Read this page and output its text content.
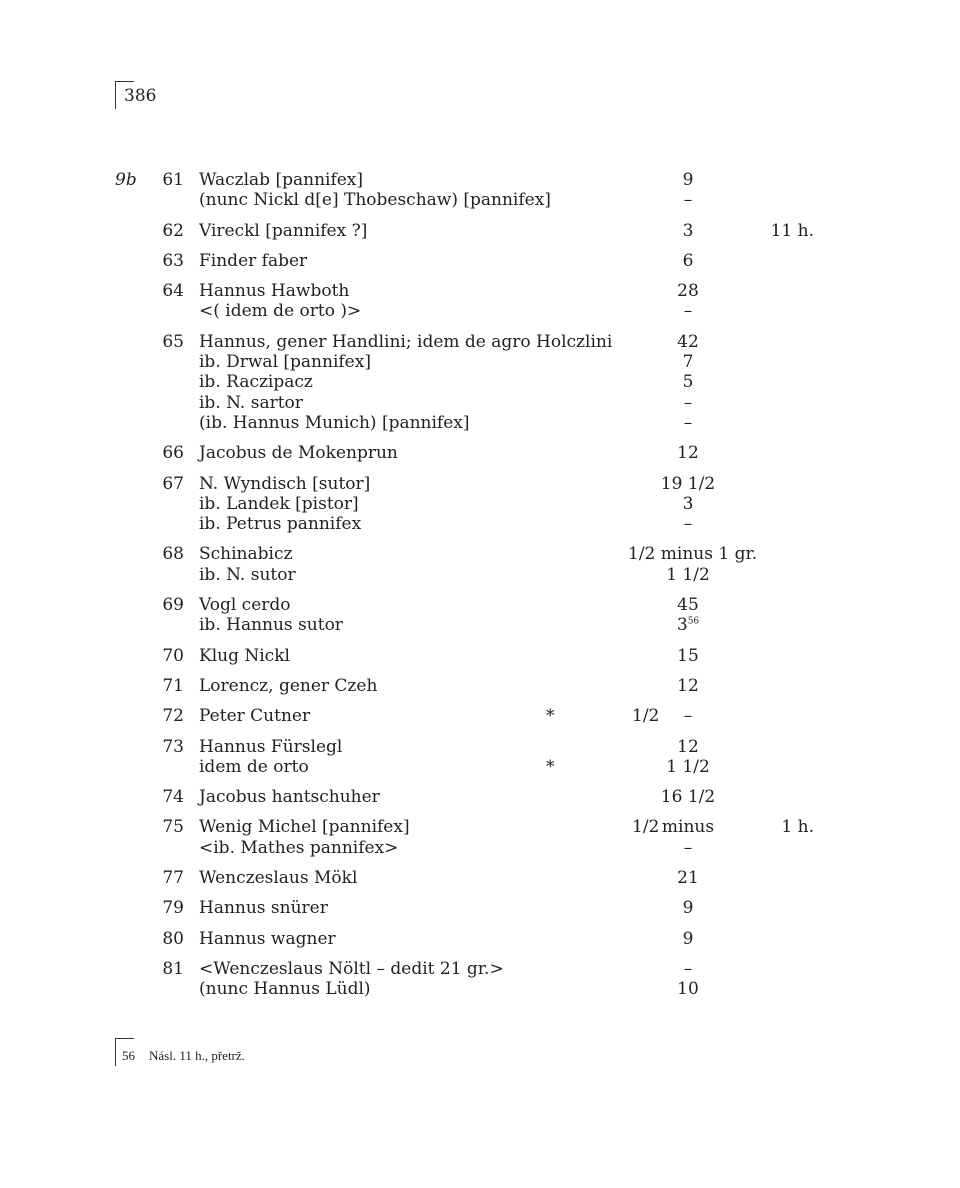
386
9b	61 Waczlab [pannifex]	9
(nunc Nickl d[e] Thobeschaw) [pannifex]	–
62 Vireckl [pannifex ?]	3	11 h.
63 Finder faber	6
64 Hannus Hawboth	28
<( idem de orto )>	–
65 Hannus, gener Handlini; idem de agro Holczlini	42
ib. Drwal [pannifex]	7
ib. Raczipacz	5
ib. N. sartor	–
(ib. Hannus Munich) [pannifex]	–
66 Jacobus de Mokenprun	12
67 N. Wyndisch [sutor]	19 1/2
ib. Landek [pistor]	3
ib. Petrus pannifex	–
68 Schinabicz	1/2 minus 1 gr.
ib. N. sutor	1 1/2
69 Vogl cerdo	45
ib. Hannus sutor	$3^{56}$
70 Klug Nickl	15
71 Lorencz, gener Czeh	12
72 Peter Cutner	*	1/2	–
73 Hannus Fürslegl	12
idem de orto	*	1 1/2
74 Jacobus hantschuher	16 1/2
75 Wenig Michel [pannifex]	1/2 minus	1 h.
<ib. Mathes pannifex>	–
77 Wenczeslaus Mökl	21
79 Hannus snürer	9
80 Hannus wagner	9
81 <Wenczeslaus Nöltl – dedit 21 gr.>	–
(nunc Hannus Lüdl)	10
56 Násl. 11 h., přetrž.
